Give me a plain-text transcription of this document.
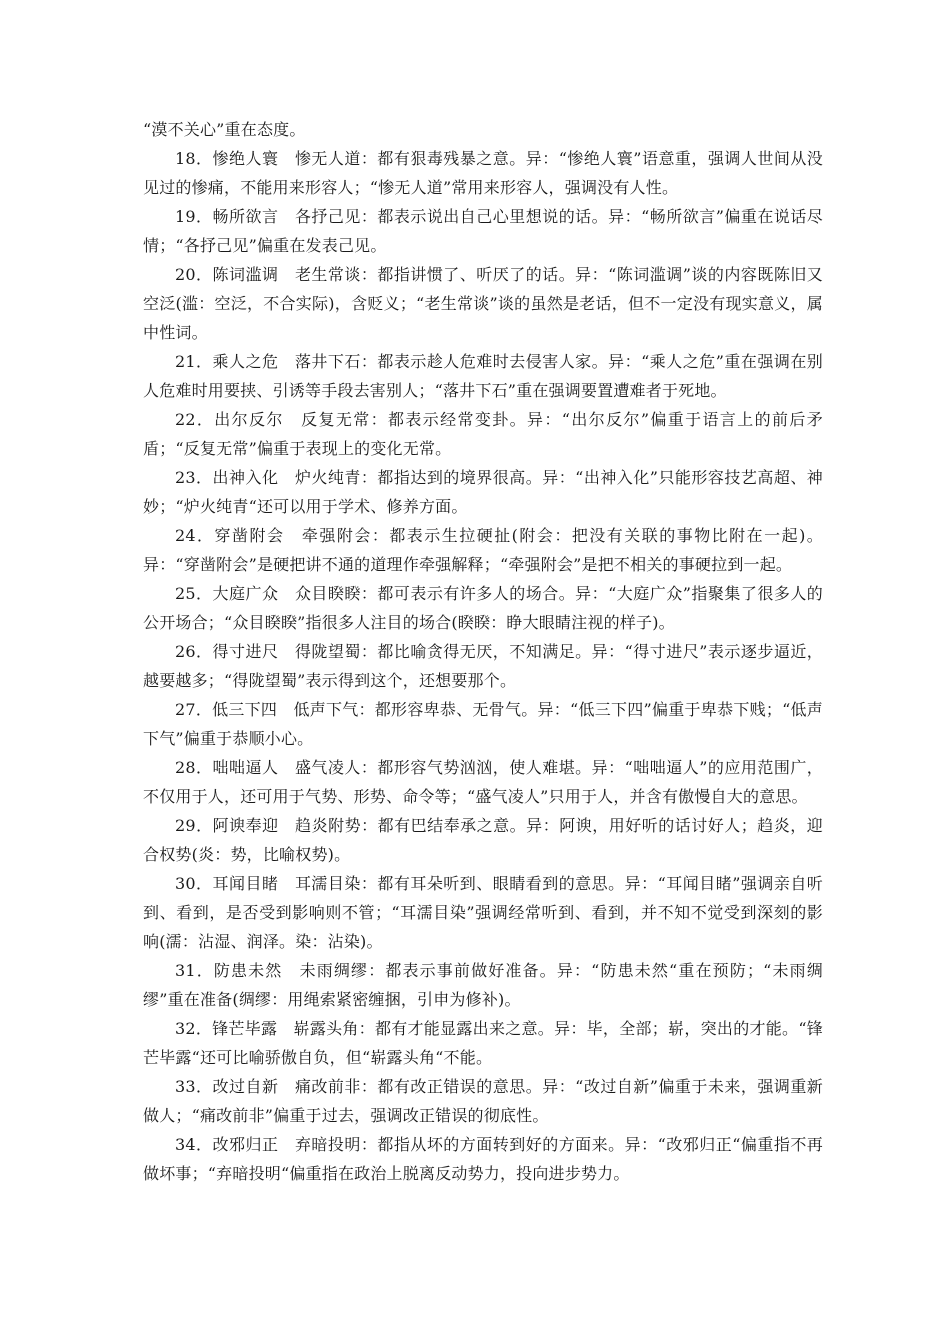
“漠不关心”重在态度。

18．惨绝人寰　惨无人道：都有狠毒残暴之意。异：“惨绝人寰”语意重，强调人世间从没见过的惨痛，不能用来形容人；“惨无人道”常用来形容人，强调没有人性。

19．畅所欲言　各抒己见：都表示说出自己心里想说的话。异：“畅所欲言”偏重在说话尽情；“各抒己见”偏重在发表己见。

20．陈词滥调　老生常谈：都指讲惯了、听厌了的话。异：“陈词滥调”谈的内容既陈旧又空泛(滥：空泛，不合实际)，含贬义；“老生常谈”谈的虽然是老话，但不一定没有现实意义，属中性词。

21．乘人之危　落井下石：都表示趁人危难时去侵害人家。异：“乘人之危”重在强调在别人危难时用要挟、引诱等手段去害别人；“落井下石”重在强调要置遭难者于死地。

22．出尔反尔　反复无常：都表示经常变卦。异：“出尔反尔”偏重于语言上的前后矛盾；“反复无常”偏重于表现上的变化无常。

23．出神入化　炉火纯青：都指达到的境界很高。异：“出神入化”只能形容技艺高超、神妙；“炉火纯青“还可以用于学术、修养方面。

24．穿凿附会　牵强附会：都表示生拉硬扯(附会：把没有关联的事物比附在一起)。异：“穿凿附会”是硬把讲不通的道理作牵强解释；“牵强附会”是把不相关的事硬拉到一起。

25．大庭广众　众目睽睽：都可表示有许多人的场合。异：“大庭广众”指聚集了很多人的公开场合；“众目睽睽”指很多人注目的场合(睽睽：睁大眼睛注视的样子)。

26．得寸进尺　得陇望蜀：都比喻贪得无厌，不知满足。异：“得寸进尺”表示逐步逼近，越要越多；“得陇望蜀”表示得到这个，还想要那个。

27．低三下四　低声下气：都形容卑恭、无骨气。异：“低三下四”偏重于卑恭下贱；“低声下气”偏重于恭顺小心。

28．咄咄逼人　盛气凌人：都形容气势汹汹，使人难堪。异：“咄咄逼人”的应用范围广，不仅用于人，还可用于气势、形势、命令等；“盛气凌人”只用于人，并含有傲慢自大的意思。

29．阿谀奉迎　趋炎附势：都有巴结奉承之意。异：阿谀，用好听的话讨好人；趋炎，迎合权势(炎：势，比喻权势)。

30．耳闻目睹　耳濡目染：都有耳朵听到、眼睛看到的意思。异：“耳闻目睹”强调亲自听到、看到，是否受到影响则不管；“耳濡目染”强调经常听到、看到，并不知不觉受到深刻的影响(濡：沾湿、润泽。染：沾染)。

31．防患未然　未雨绸缪：都表示事前做好准备。异：“防患未然“重在预防；“未雨绸缪”重在准备(绸缪：用绳索紧密缠捆，引申为修补)。

32．锋芒毕露　崭露头角：都有才能显露出来之意。异：毕，全部；崭，突出的才能。“锋芒毕露“还可比喻骄傲自负，但“崭露头角“不能。

33．改过自新　痛改前非：都有改正错误的意思。异：“改过自新”偏重于未来，强调重新做人；“痛改前非”偏重于过去，强调改正错误的彻底性。

34．改邪归正　弃暗投明：都指从坏的方面转到好的方面来。异：“改邪归正“偏重指不再做坏事；“弃暗投明“偏重指在政治上脱离反动势力，投向进步势力。
